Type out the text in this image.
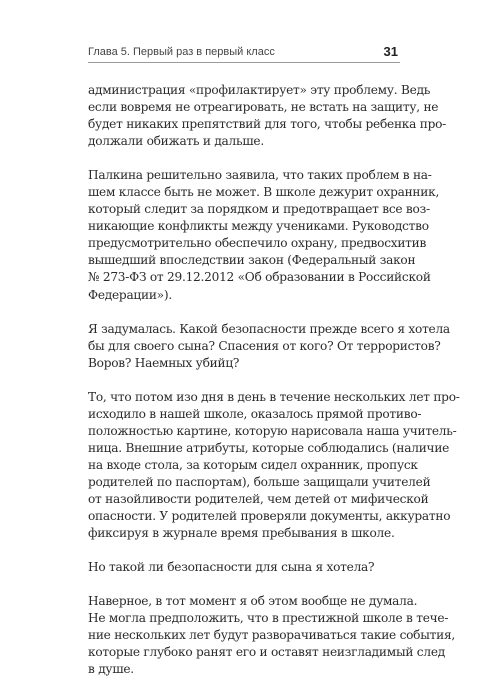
Глава 5. Первый раз в первый класс	31

администрация «профилактирует» эту проблему. Ведь
если вовремя не отреагировать, не встать на защиту, не
будет никаких препятствий для того, чтобы ребенка про-
должали обижать и дальше.

Палкина решительно заявила, что таких проблем в на-
шем классе быть не может. В школе дежурит охранник,
который следит за порядком и предотвращает все воз-
никающие конфликты между учениками. Руководство
предусмотрительно обеспечило охрану, предвосхитив
вышедший впоследствии закон (Федеральный закон
№ 273-ФЗ от 29.12.2012 «Об образовании в Российской
Федерации»).

Я задумалась. Какой безопасности прежде всего я хотела
бы для своего сына? Спасения от кого? От террористов?
Воров? Наемных убийц?

То, что потом изо дня в день в течение нескольких лет про-
исходило в нашей школе, оказалось прямой противо-
положностью картине, которую нарисовала наша учитель-
ница. Внешние атрибуты, которые соблюдались (наличие
на входе стола, за которым сидел охранник, пропуск
родителей по паспортам), больше защищали учителей
от назойливости родителей, чем детей от мифической
опасности. У родителей проверяли документы, аккуратно
фиксируя в журнале время пребывания в школе.

Но такой ли безопасности для сына я хотела?

Наверное, в тот момент я об этом вообще не думала.
Не могла предположить, что в престижной школе в тече-
ние нескольких лет будут разворачиваться такие события,
которые глубоко ранят его и оставят неизгладимый след
в душе.
